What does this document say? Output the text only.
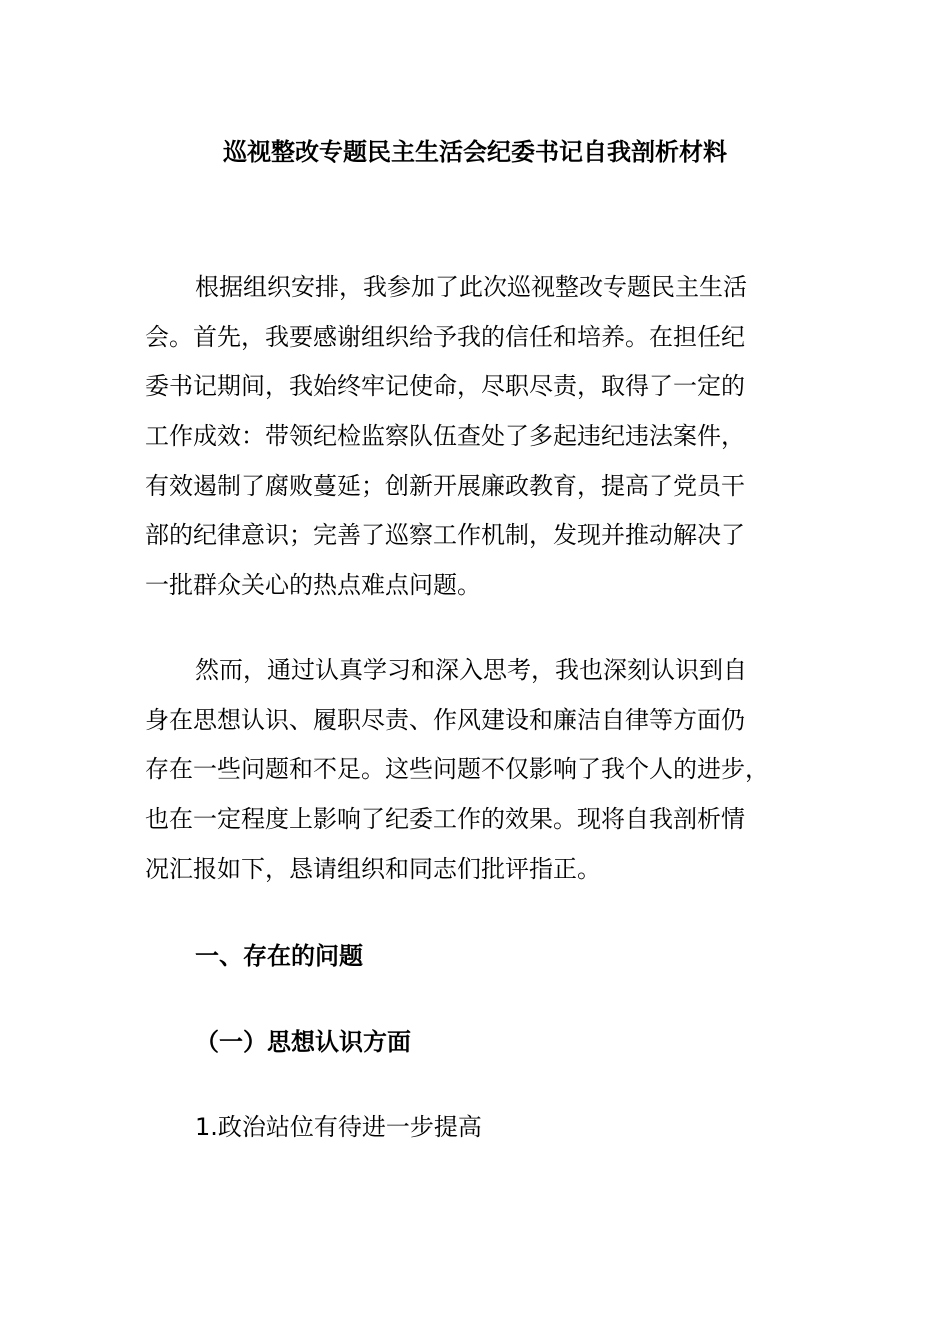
巡视整改专题民主生活会纪委书记自我剖析材料
根据组织安排，我参加了此次巡视整改专题民主生活
会。首先，我要感谢组织给予我的信任和培养。在担任纪
委书记期间，我始终牢记使命，尽职尽责，取得了一定的
工作成效：带领纪检监察队伍查处了多起违纪违法案件，
有效遏制了腐败蔓延；创新开展廉政教育，提高了党员干
部的纪律意识；完善了巡察工作机制，发现并推动解决了
一批群众关心的热点难点问题。
然而，通过认真学习和深入思考，我也深刻认识到自
身在思想认识、履职尽责、作风建设和廉洁自律等方面仍
存在一些问题和不足。这些问题不仅影响了我个人的进步，
也在一定程度上影响了纪委工作的效果。现将自我剖析情
况汇报如下，恳请组织和同志们批评指正。
一、存在的问题
（一）思想认识方面
1.政治站位有待进一步提高
